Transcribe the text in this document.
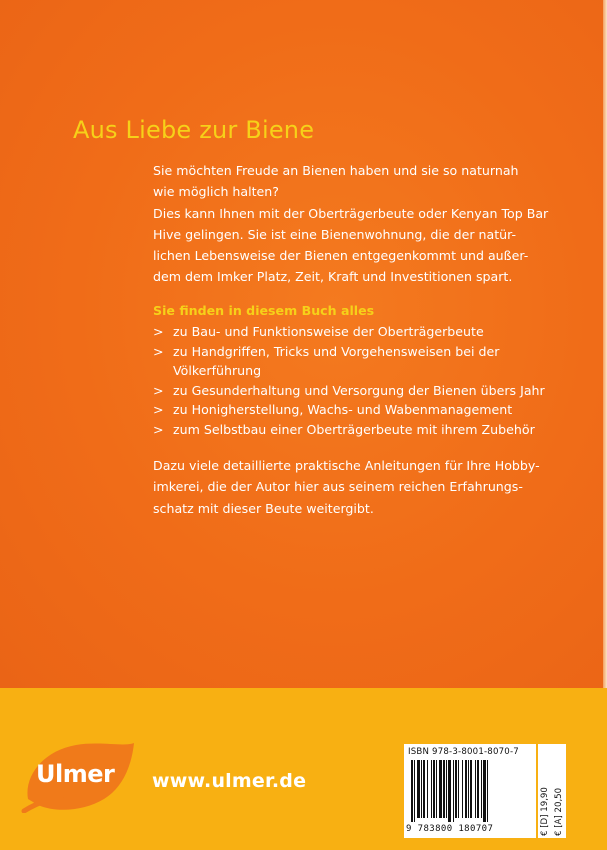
Aus Liebe zur Biene

Sie möchten Freude an Bienen haben und sie so naturnah

wie möglich halten?

Dies kann Ihnen mit der Oberträgerbeute oder Kenyan Top Bar

Hive gelingen. Sie ist eine Bienenwohnung, die der natür-

lichen Lebensweise der Bienen entgegenkommt und außer-

dem dem Imker Platz, Zeit, Kraft und Investitionen spart.

Sie finden in diesem Buch alles
> zu Bau- und Funktionsweise der Oberträgerbeute
> zu Handgriffen, Tricks und Vorgehensweisen bei der Völkerführung
> zu Gesunderhaltung und Versorgung der Bienen übers Jahr
> zu Honigherstellung, Wachs- und Wabenmanagement
> zum Selbstbau einer Oberträgerbeute mit ihrem Zubehör
Dazu viele detaillierte praktische Anleitungen für Ihre Hobby-
imkerei, die der Autor hier aus seinem reichen Erfahrungs-
schatz mit dieser Beute weitergibt.
Ulmer	www.ulmer.de
ISBN 978-3-8001-8070-7
9 783800 180707	€ [D] 19,90 € [A] 20,50
